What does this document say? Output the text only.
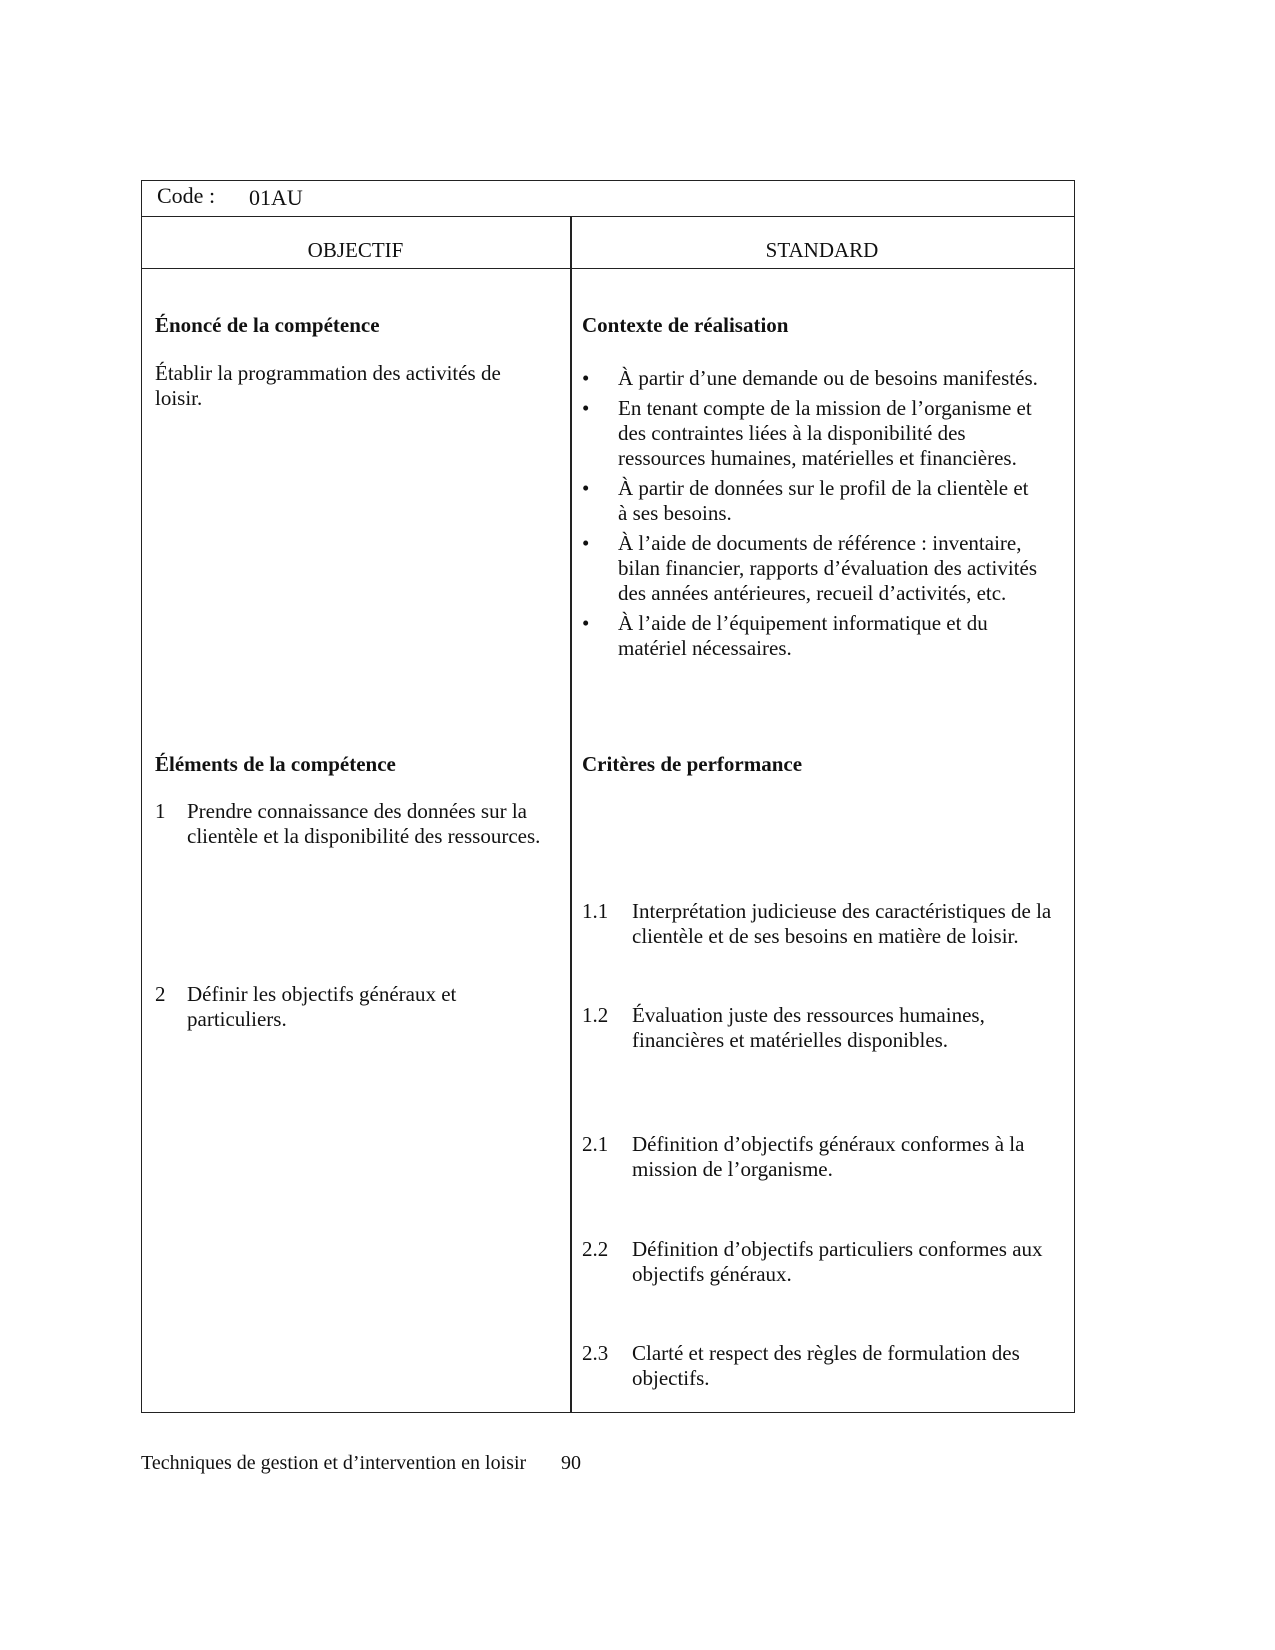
Code : 01AU
OBJECTIF	STANDARD
Énoncé de la compétence
Établir la programmation des activités de loisir.
Contexte de réalisation
• À partir d’une demande ou de besoins manifestés.
• En tenant compte de la mission de l’organisme et des contraintes liées à la disponibilité des ressources humaines, matérielles et financières.
• À partir de données sur le profil de la clientèle et à ses besoins.
• À l’aide de documents de référence : inventaire, bilan financier, rapports d’évaluation des activités des années antérieures, recueil d’activités, etc.
• À l’aide de l’équipement informatique et du matériel nécessaires.
Éléments de la compétence
1 Prendre connaissance des données sur la clientèle et la disponibilité des ressources.
2 Définir les objectifs généraux et particuliers.
Critères de performance
1.1 Interprétation judicieuse des caractéristiques de la clientèle et de ses besoins en matière de loisir.
1.2 Évaluation juste des ressources humaines, financières et matérielles disponibles.
2.1 Définition d’objectifs généraux conformes à la mission de l’organisme.
2.2 Définition d’objectifs particuliers conformes aux objectifs généraux.
2.3 Clarté et respect des règles de formulation des objectifs.
Techniques de gestion et d’intervention en loisir 90
